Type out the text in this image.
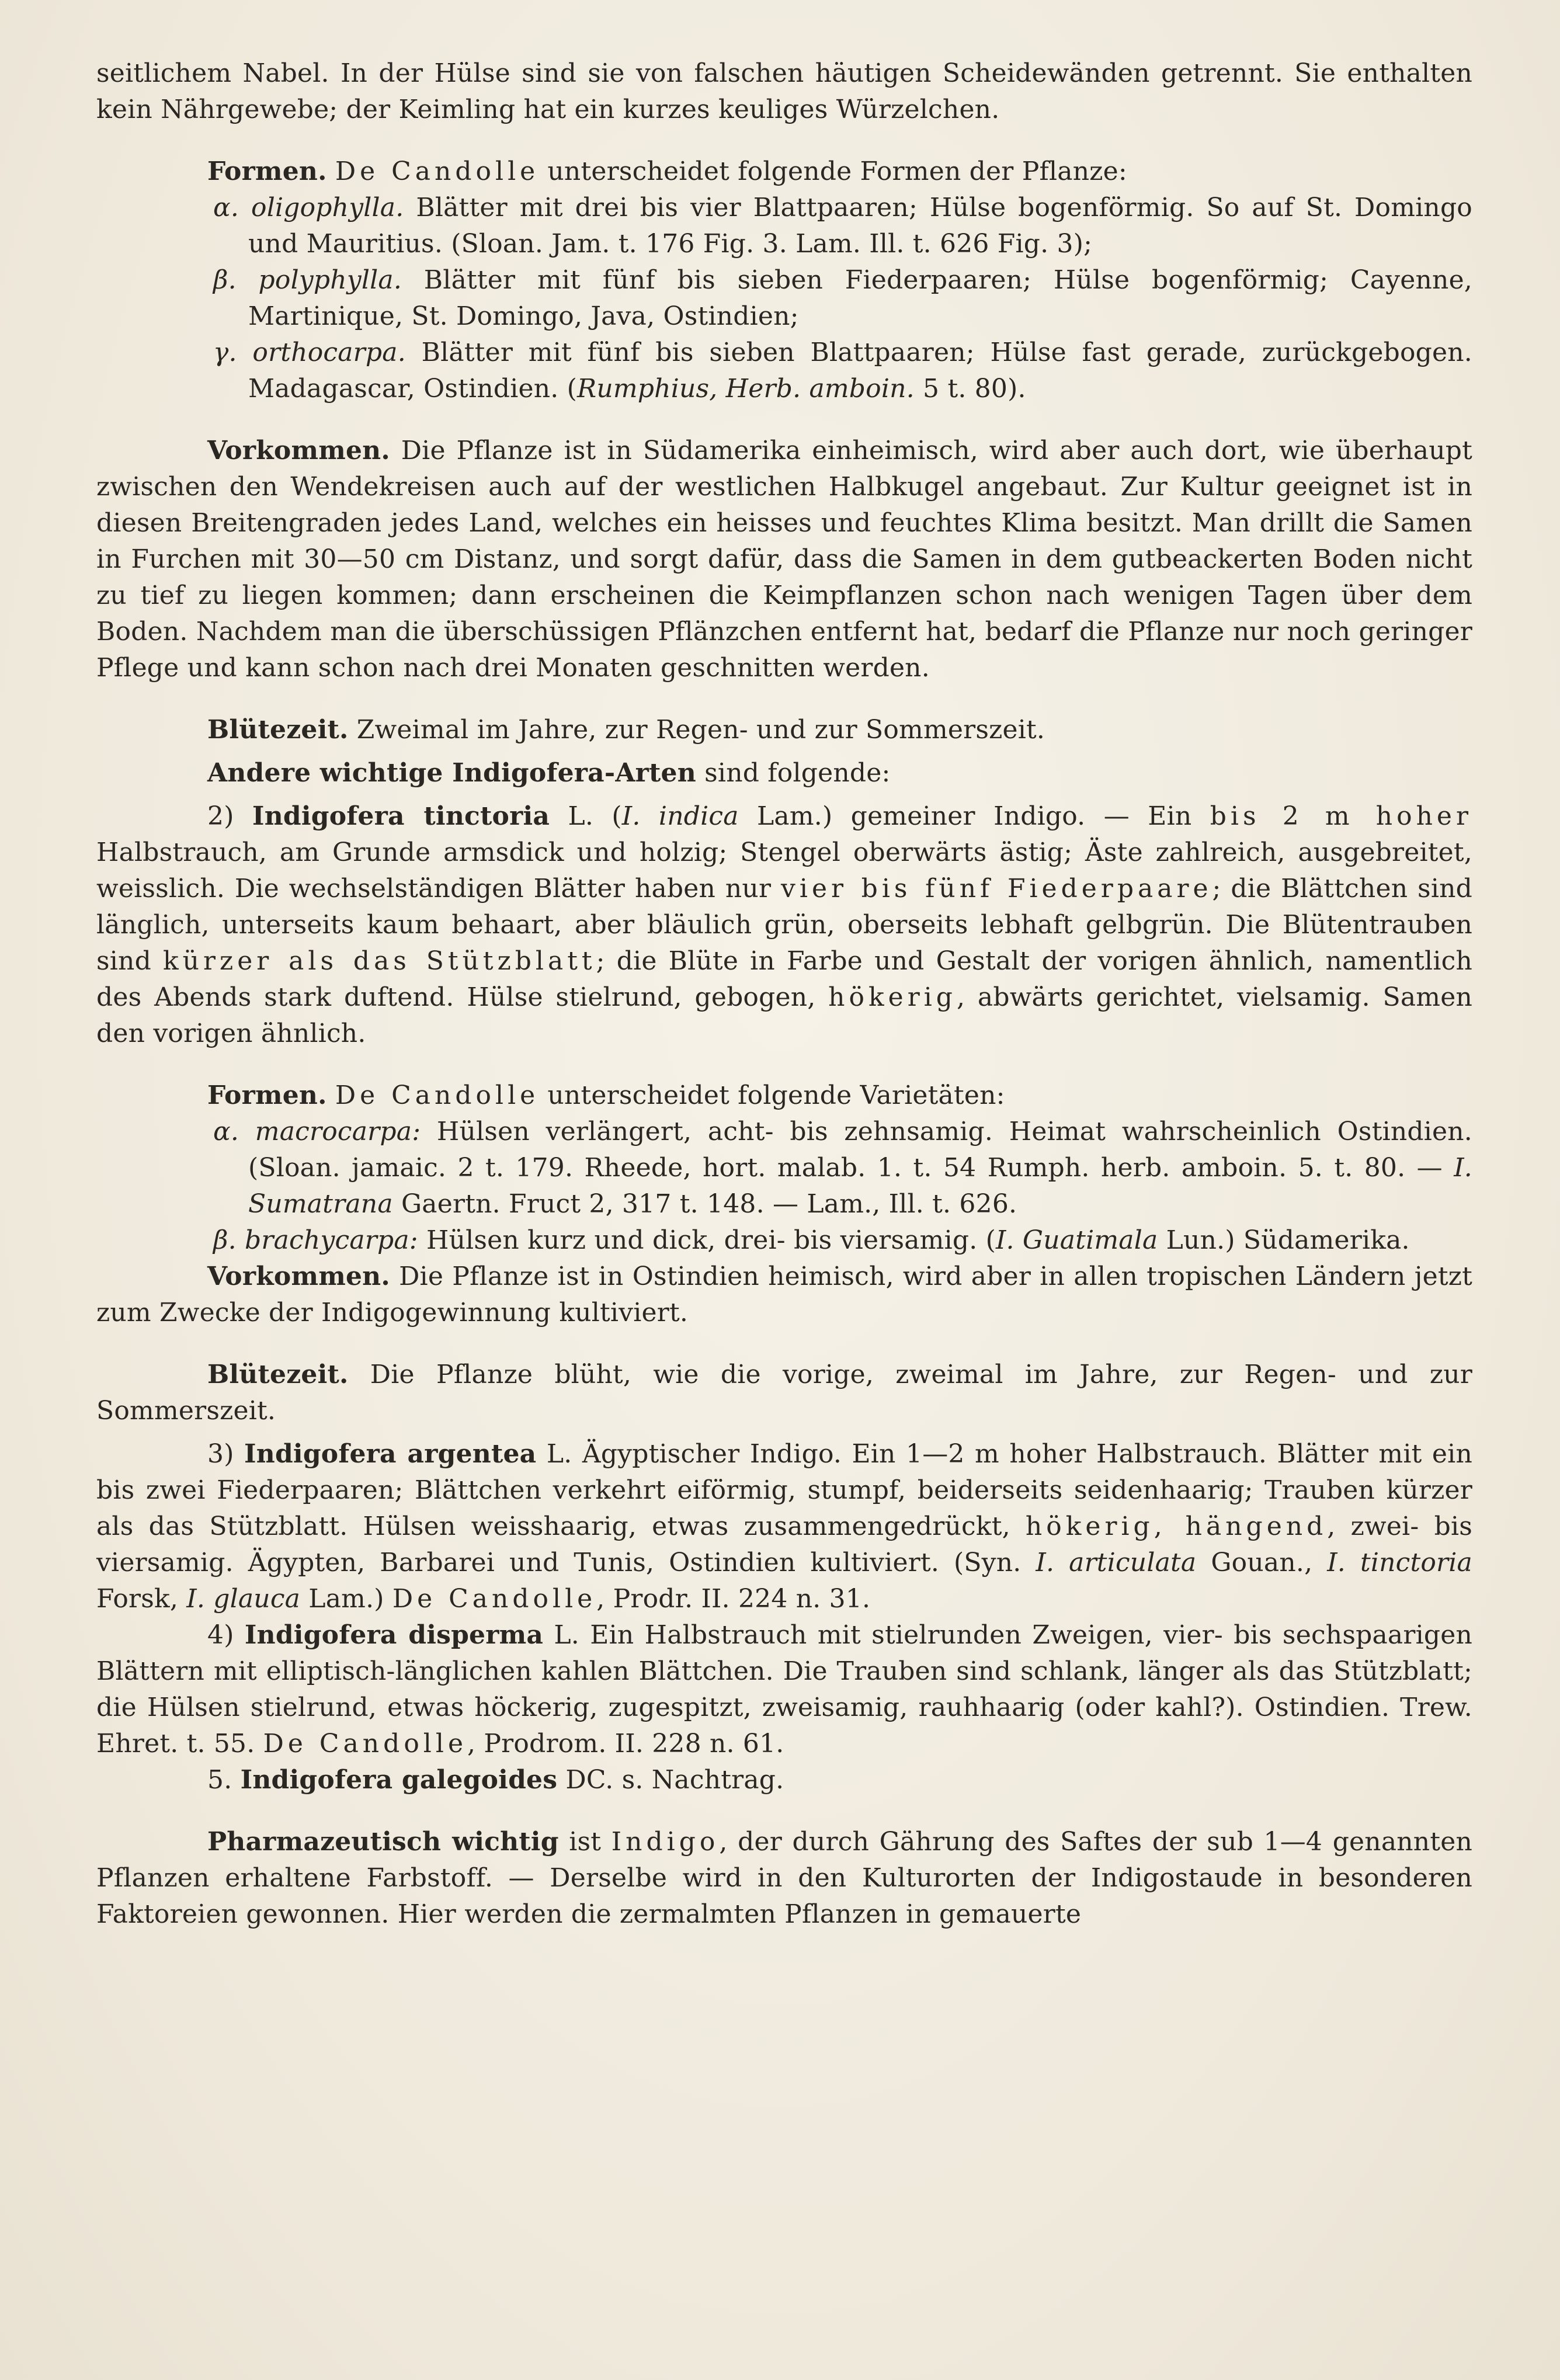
seitlichem Nabel. In der Hülse sind sie von falschen häutigen Scheidewänden getrennt. Sie enthalten kein Nährgewebe; der Keimling hat ein kurzes keuliges Würzelchen.

Formen. De Candolle unterscheidet folgende Formen der Pflanze:

α. oligophylla. Blätter mit drei bis vier Blattpaaren; Hülse bogenförmig. So auf St. Domingo und Mauritius. (Sloan. Jam. t. 176 Fig. 3. Lam. Ill. t. 626 Fig. 3);

β. polyphylla. Blätter mit fünf bis sieben Fiederpaaren; Hülse bogenförmig; Cayenne, Martinique, St. Domingo, Java, Ostindien;

γ. orthocarpa. Blätter mit fünf bis sieben Blattpaaren; Hülse fast gerade, zurückgebogen. Madagascar, Ostindien. (Rumphius, Herb. amboin. 5 t. 80).

Vorkommen. Die Pflanze ist in Südamerika einheimisch, wird aber auch dort, wie überhaupt zwischen den Wendekreisen auch auf der westlichen Halbkugel angebaut. Zur Kultur geeignet ist in diesen Breitengraden jedes Land, welches ein heisses und feuchtes Klima besitzt. Man drillt die Samen in Furchen mit 30—50 cm Distanz, und sorgt dafür, dass die Samen in dem gutbeackerten Boden nicht zu tief zu liegen kommen; dann erscheinen die Keimpflanzen schon nach wenigen Tagen über dem Boden. Nachdem man die überschüssigen Pflänzchen entfernt hat, bedarf die Pflanze nur noch geringer Pflege und kann schon nach drei Monaten geschnitten werden.

Blütezeit. Zweimal im Jahre, zur Regen- und zur Sommerszeit.

Andere wichtige Indigofera-Arten sind folgende:

2) Indigofera tinctoria L. (I. indica Lam.) gemeiner Indigo. — Ein bis 2 m hoher Halbstrauch, am Grunde armsdick und holzig; Stengel oberwärts ästig; Äste zahlreich, ausgebreitet, weisslich. Die wechselständigen Blätter haben nur vier bis fünf Fiederpaare; die Blättchen sind länglich, unterseits kaum behaart, aber bläulich grün, oberseits lebhaft gelbgrün. Die Blütentrauben sind kürzer als das Stützblatt; die Blüte in Farbe und Gestalt der vorigen ähnlich, namentlich des Abends stark duftend. Hülse stielrund, gebogen, hökerig, abwärts gerichtet, vielsamig. Samen den vorigen ähnlich.

Formen. De Candolle unterscheidet folgende Varietäten:

α. macrocarpa: Hülsen verlängert, acht- bis zehnsamig. Heimat wahrscheinlich Ostindien. (Sloan. jamaic. 2 t. 179. Rheede, hort. malab. 1. t. 54 Rumph. herb. amboin. 5. t. 80. — I. Sumatrana Gaertn. Fruct 2, 317 t. 148. — Lam., Ill. t. 626.

β. brachycarpa: Hülsen kurz und dick, drei- bis viersamig. (I. Guatimala Lun.) Südamerika.

Vorkommen. Die Pflanze ist in Ostindien heimisch, wird aber in allen tropischen Ländern jetzt zum Zwecke der Indigogewinnung kultiviert.

Blütezeit. Die Pflanze blüht, wie die vorige, zweimal im Jahre, zur Regen- und zur Sommerszeit.

3) Indigofera argentea L. Ägyptischer Indigo. Ein 1—2 m hoher Halbstrauch. Blätter mit ein bis zwei Fiederpaaren; Blättchen verkehrt eiförmig, stumpf, beiderseits seidenhaarig; Trauben kürzer als das Stützblatt. Hülsen weisshaarig, etwas zusammengedrückt, hökerig, hängend, zwei- bis viersamig. Ägypten, Barbarei und Tunis, Ostindien kultiviert. (Syn. I. articulata Gouan., I. tinctoria Forsk, I. glauca Lam.) De Candolle, Prodr. II. 224 n. 31.

4) Indigofera disperma L. Ein Halbstrauch mit stielrunden Zweigen, vier- bis sechspaarigen Blättern mit elliptisch-länglichen kahlen Blättchen. Die Trauben sind schlank, länger als das Stützblatt; die Hülsen stielrund, etwas höckerig, zugespitzt, zweisamig, rauhhaarig (oder kahl?). Ostindien. Trew. Ehret. t. 55. De Candolle, Prodrom. II. 228 n. 61.

5. Indigofera galegoides DC. s. Nachtrag.

Pharmazeutisch wichtig ist Indigo, der durch Gährung des Saftes der sub 1—4 genannten Pflanzen erhaltene Farbstoff. — Derselbe wird in den Kulturorten der Indigostaude in besonderen Faktoreien gewonnen. Hier werden die zermalmten Pflanzen in gemauerte
